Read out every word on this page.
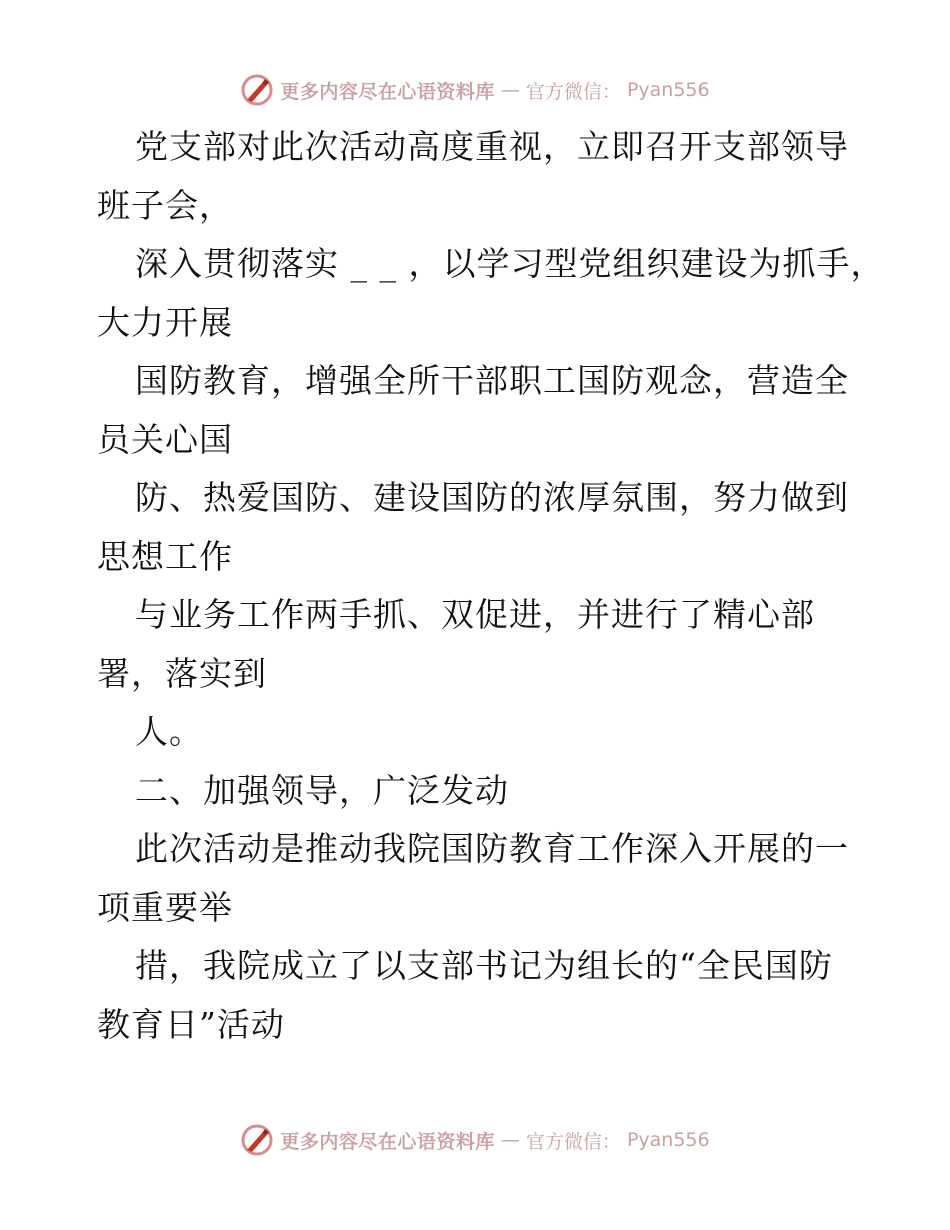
更多内容尽在心语资料库 — 官方微信： Pyan556
党支部对此次活动高度重视，立即召开支部领导
班子会，
深入贯彻落实 _ _ ，以学习型党组织建设为抓手，
大力开展
国防教育，增强全所干部职工国防观念，营造全
员关心国
防、热爱国防、建设国防的浓厚氛围，努力做到
思想工作
与业务工作两手抓、双促进，并进行了精心部
署，落实到
人。
二、加强领导，广泛发动
此次活动是推动我院国防教育工作深入开展的一
项重要举
措，我院成立了以支部书记为组长的“全民国防
教育日”活动
更多内容尽在心语资料库 — 官方微信： Pyan556
